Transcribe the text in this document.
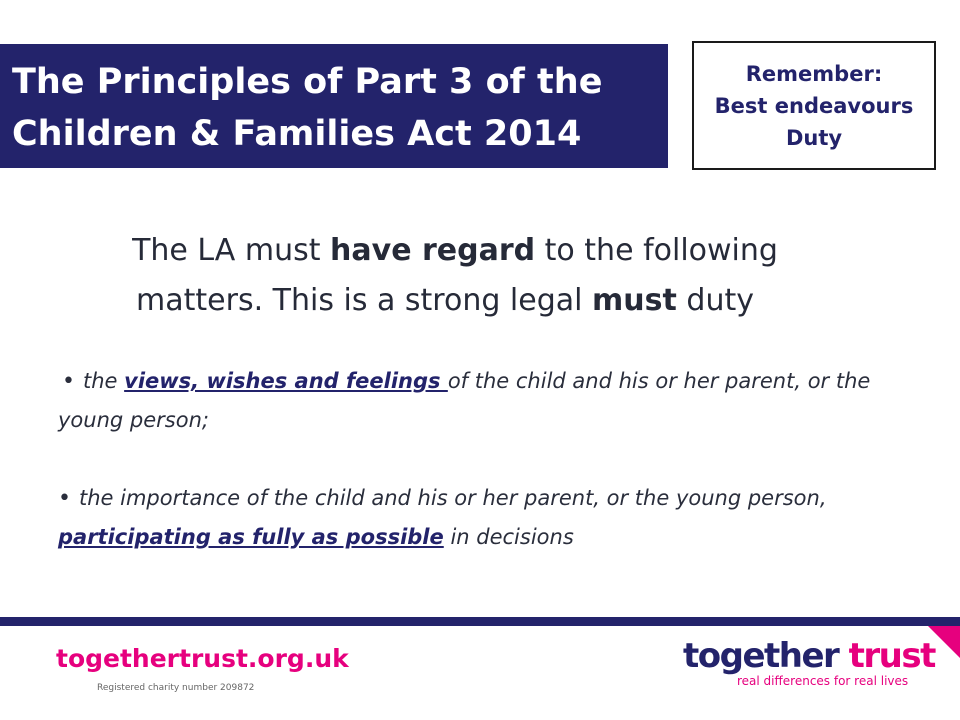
The Principles of Part 3 of the
Children & Families Act 2014
Remember:
Best endeavours
Duty
The LA must have regard to the following
matters. This is a strong legal must duty

• the views, wishes and feelings of the child and his or her parent, or the young person;

• the importance of the child and his or her parent, or the young person, participating as fully as possible in decisions

togethertrust.org.uk
Registered charity number 209872
together trust
real differences for real lives
